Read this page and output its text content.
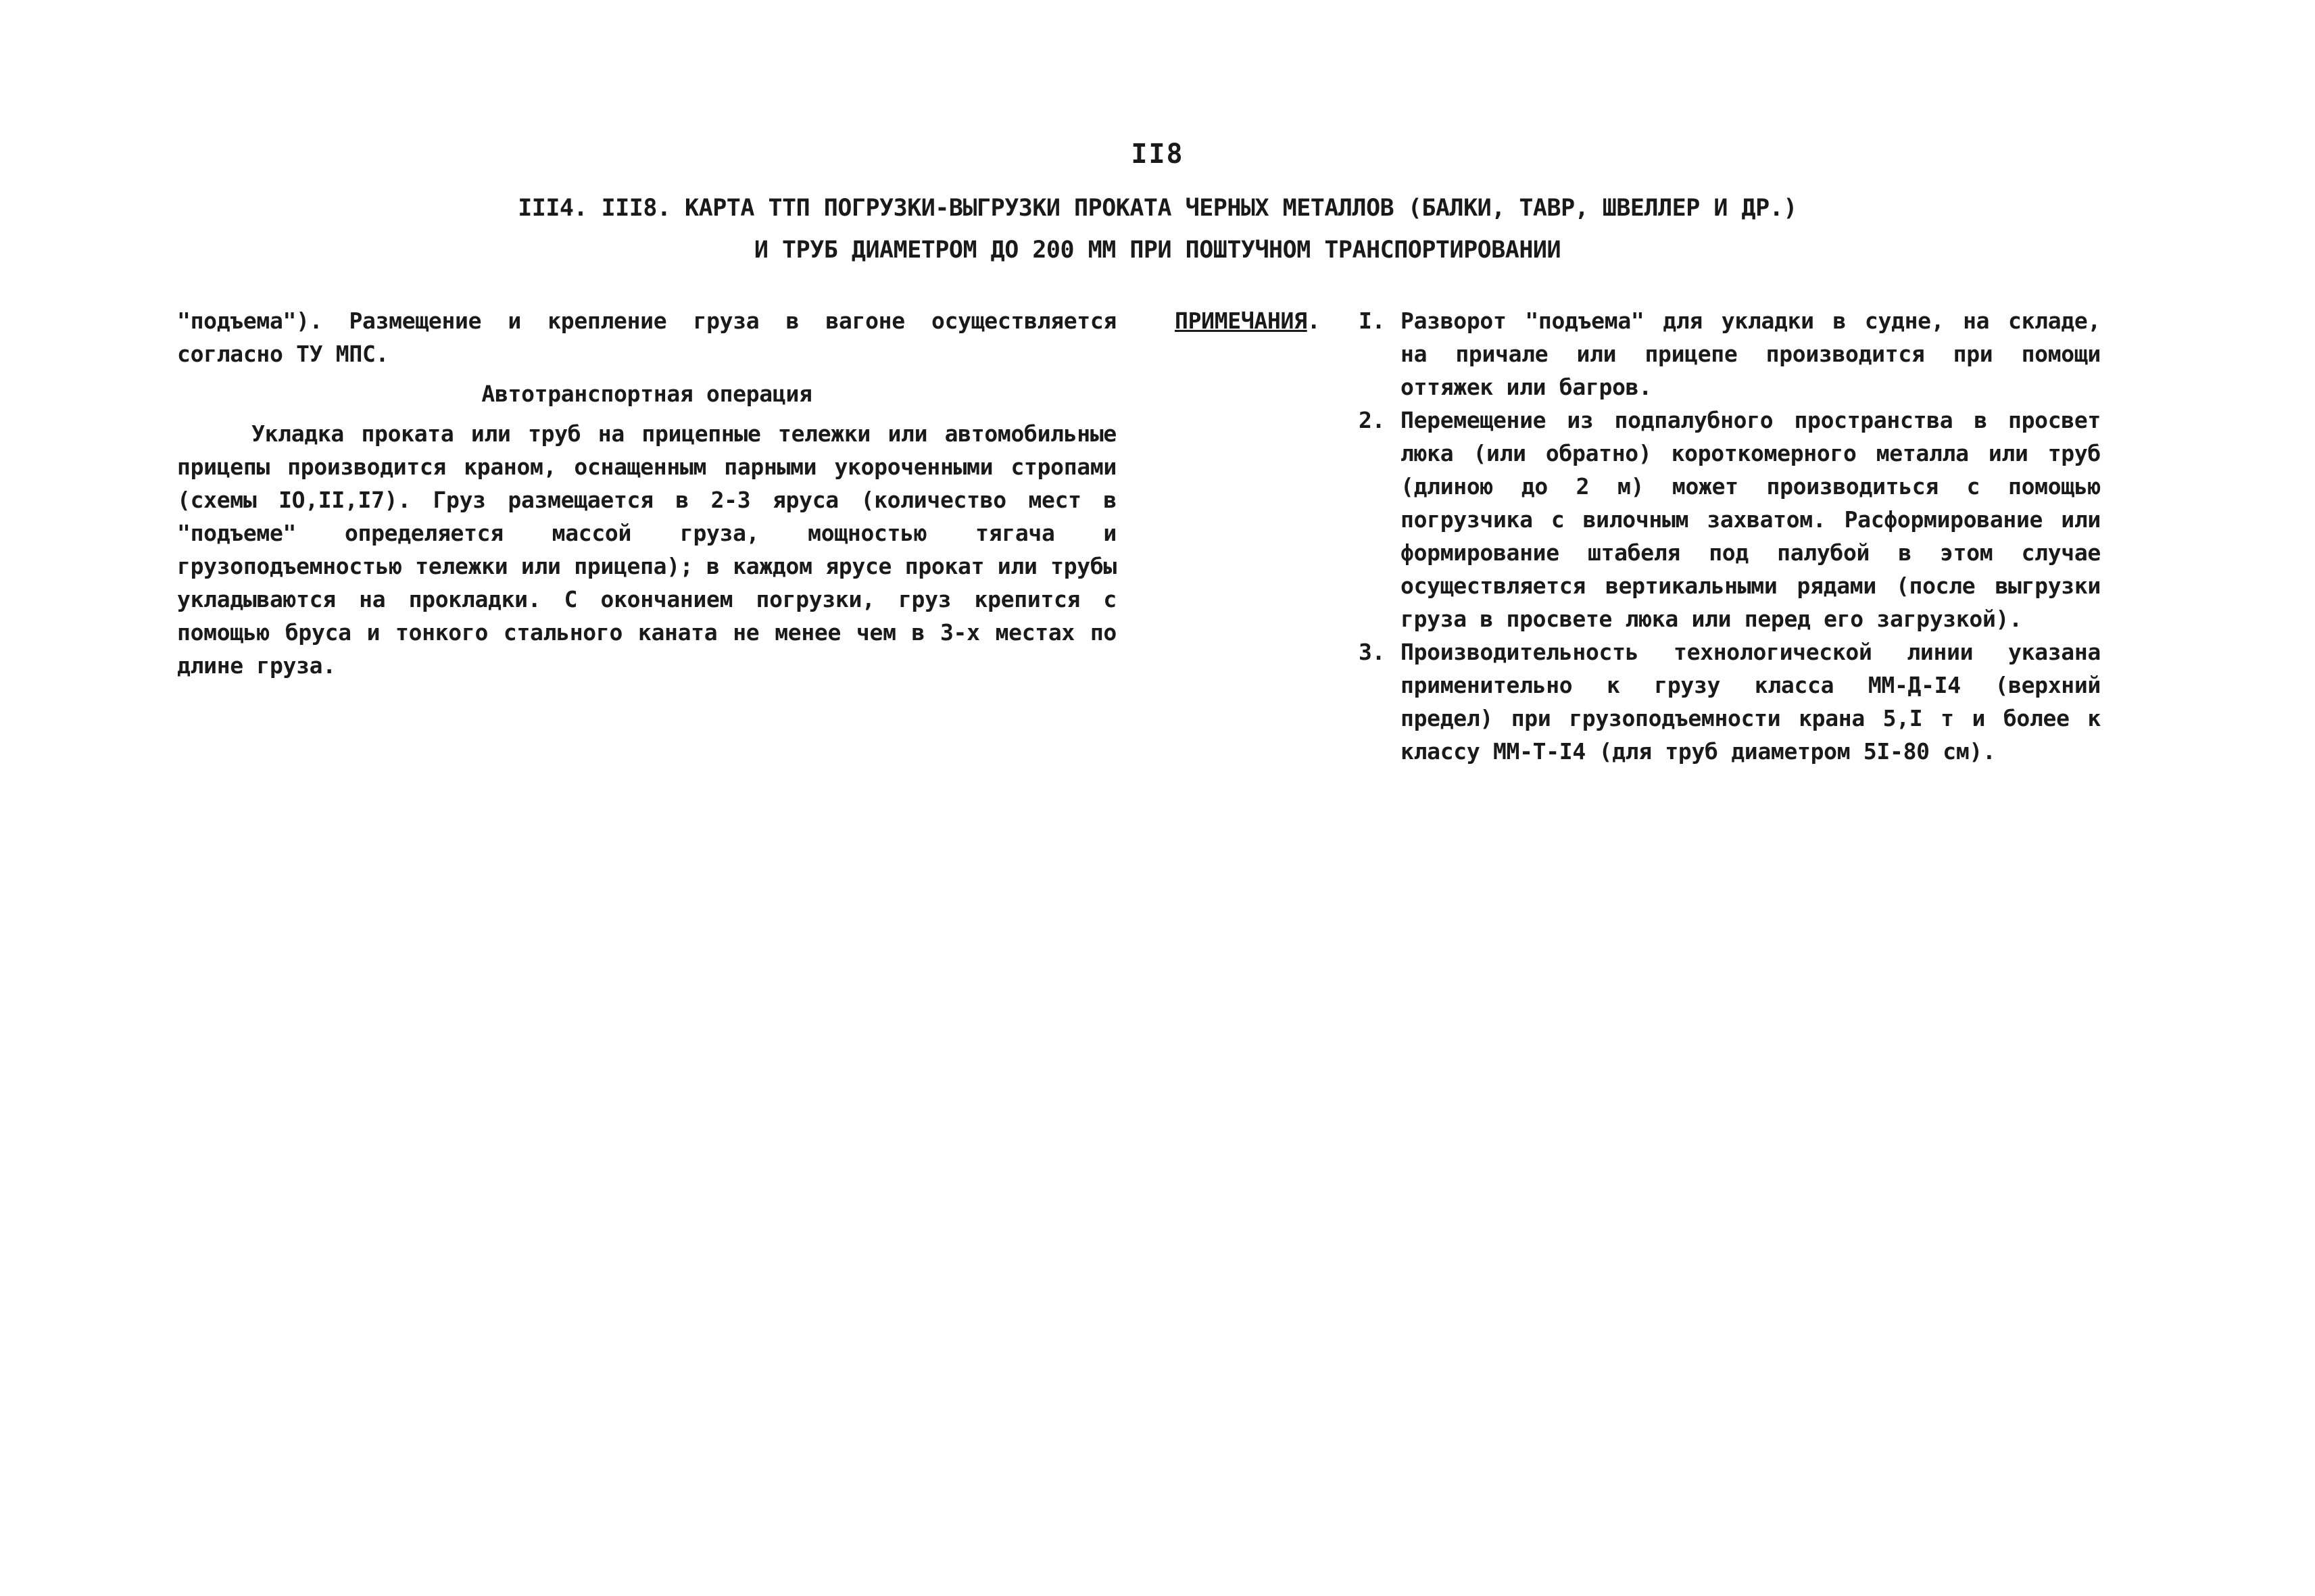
II8
III4. III8. КАРТА ТТП ПОГРУЗКИ-ВЫГРУЗКИ ПРОКАТА ЧЕРНЫХ МЕТАЛЛОВ (БАЛКИ, ТАВР, ШВЕЛЛЕР И ДР.)
И ТРУБ ДИАМЕТРОМ ДО 200 ММ ПРИ ПОШТУЧНОМ ТРАНСПОРТИРОВАНИИ

"подъема"). Размещение и крепление груза в вагоне осуществляется согласно ТУ МПС.

Автотранспортная операция

Укладка проката или труб на прицепные тележки или автомобильные прицепы производится краном, оснащенным парными укороченными стропами (схемы IO,II,I7). Груз размещается в 2-3 яруса (количество мест в "подъеме" определяется массой груза, мощностью тягача и грузоподъемностью тележки или прицепа); в каждом ярусе прокат или трубы укладываются на прокладки. С окончанием погрузки, груз крепится с помощью бруса и тонкого стального каната не менее чем в 3-х местах по длине груза.

ПРИМЕЧАНИЯ. I. Разворот "подъема" для укладки в судне, на складе, на причале или прицепе производится при помощи оттяжек или багров.
2. Перемещение из подпалубного пространства в просвет люка (или обратно) короткомерного металла или труб (длиною до 2 м) может производиться с помощью погрузчика с вилочным захватом. Расформирование или формирование штабеля под палубой в этом случае осуществляется вертикальными рядами (после выгрузки груза в просвете люка или перед его загрузкой).
3. Производительность технологической линии указана применительно к грузу класса ММ-Д-I4 (верхний предел) при грузоподъемности крана 5,I т и более к классу ММ-Т-I4 (для труб диаметром 5I-80 см).
